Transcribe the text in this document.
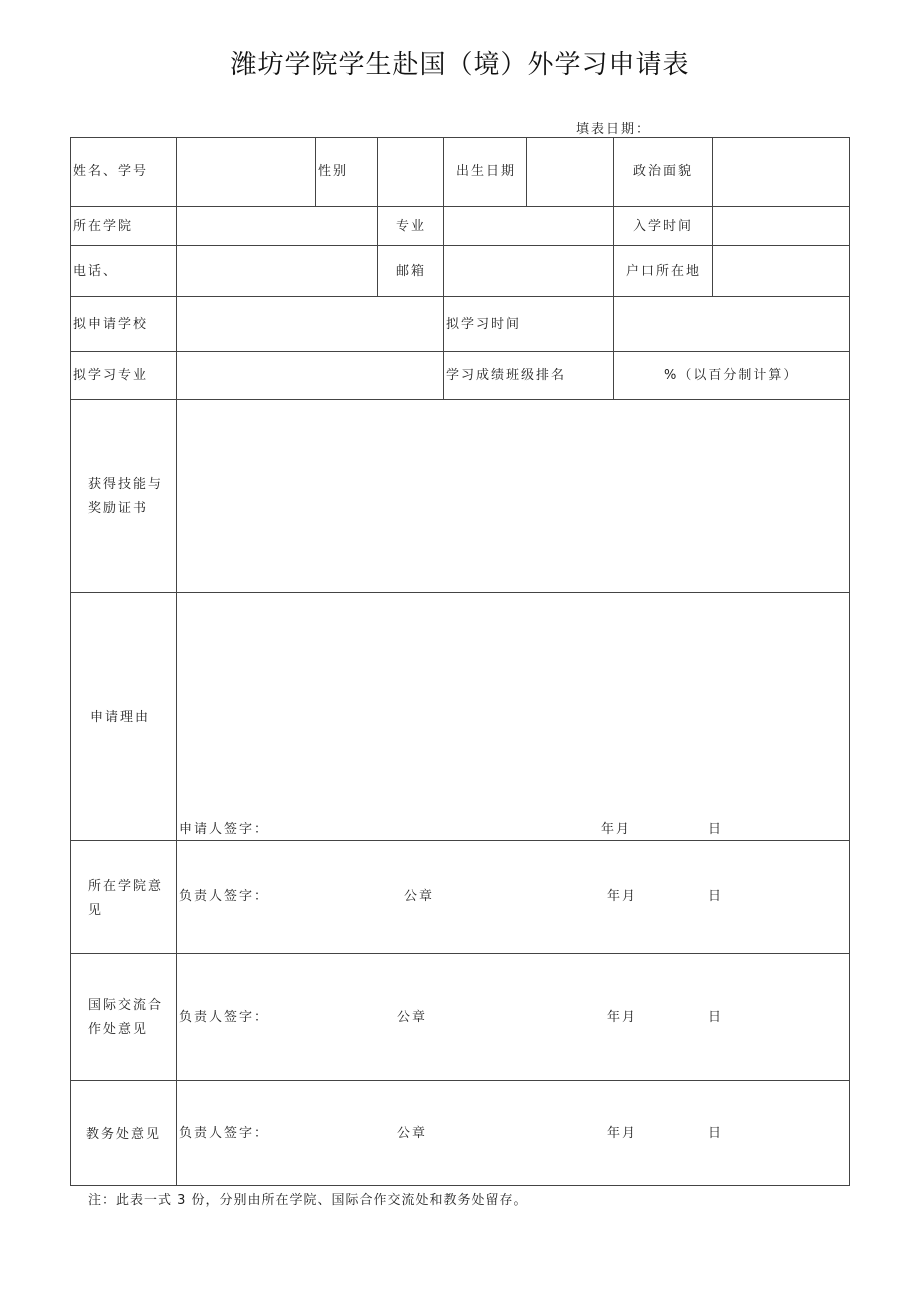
潍坊学院学生赴国（境）外学习申请表
填表日期：
姓名、学号	性别	出生日期	政治面貌
所在学院	专业	入学时间
电话、	邮箱	户口所在地
拟申请学校	拟学习时间
拟学习专业	学习成绩班级排名	%（以百分制计算）
获得技能与奖励证书
申请理由
申请人签字：	年月	日
所在学院意见
负责人签字：	公章	年月	日
国际交流合作处意见
负责人签字：	公章	年月	日
教务处意见 负责人签字：	公章	年月	日
注：此表一式 3 份，分别由所在学院、国际合作交流处和教务处留存。
